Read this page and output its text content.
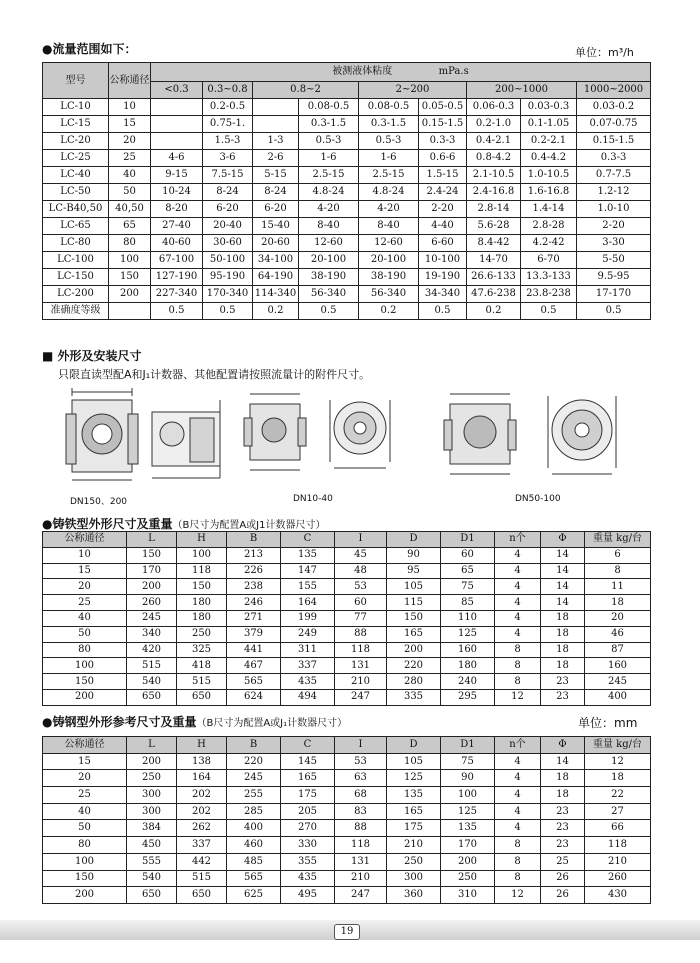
●流量范围如下：	单位：m³/h
型号	公称通径	被测液体粘度 mPa.s								
		<0.3	0.3~0.8	0.8~2		2~200		200~1000		1000~2000
LC-10	10		0.2-0.5		0.08-0.5	0.08-0.5	0.05-0.5	0.06-0.3	0.03-0.3	0.03-0.2
LC-15	15		0.75-1.		0.3-1.5	0.3-1.5	0.15-1.5	0.2-1.0	0.1-1.05	0.07-0.75
LC-20	20		1.5-3	1-3	0.5-3	0.5-3	0.3-3	0.4-2.1	0.2-2.1	0.15-1.5
LC-25	25	4-6	3-6	2-6	1-6	1-6	0.6-6	0.8-4.2	0.4-4.2	0.3-3
LC-40	40	9-15	7.5-15	5-15	2.5-15	2.5-15	1.5-15	2.1-10.5	1.0-10.5	0.7-7.5
LC-50	50	10-24	8-24	8-24	4.8-24	4.8-24	2.4-24	2.4-16.8	1.6-16.8	1.2-12
LC-B40,50	40,50	8-20	6-20	6-20	4-20	4-20	2-20	2.8-14	1.4-14	1.0-10
LC-65	65	27-40	20-40	15-40	8-40	8-40	4-40	5.6-28	2.8-28	2-20
LC-80	80	40-60	30-60	20-60	12-60	12-60	6-60	8.4-42	4.2-42	3-30
LC-100	100	67-100	50-100	34-100	20-100	20-100	10-100	14-70	6-70	5-50
LC-150	150	127-190	95-190	64-190	38-190	38-190	19-190	26.6-133	13.3-133	9.5-95
LC-200	200	227-340	170-340	114-340	56-340	56-340	34-340	47.6-238	23.8-238	17-170
准确度等级		0.5	0.5	0.2	0.5	0.2	0.5	0.2	0.5	0.5
■ 外形及安装尺寸
只限直读型配A和J₁计数器、其他配置请按照流量计的附件尺寸。
DN150、200	DN10-40	DN50-100
●铸铁型外形尺寸及重量（B尺寸为配置A或J1计数器尺寸）
公称通径	L	H	B	C	I	D	D1	n个	Φ	重量 kg/台
10	150	100	213	135	45	90	60	4	14	6
15	170	118	226	147	48	95	65	4	14	8
20	200	150	238	155	53	105	75	4	14	11
25	260	180	246	164	60	115	85	4	14	18
40	245	180	271	199	77	150	110	4	18	20
50	340	250	379	249	88	165	125	4	18	46
80	420	325	441	311	118	200	160	8	18	87
100	515	418	467	337	131	220	180	8	18	160
150	540	515	565	435	210	280	240	8	23	245
200	650	650	624	494	247	335	295	12	23	400
●铸钢型外形参考尺寸及重量（B尺寸为配置A或J₁计数器尺寸）	单位：mm
公称通径	L	H	B	C	I	D	D1	n个	Φ	重量 kg/台
15	200	138	220	145	53	105	75	4	14	12
20	250	164	245	165	63	125	90	4	18	18
25	300	202	255	175	68	135	100	4	18	22
40	300	202	285	205	83	165	125	4	23	27
50	384	262	400	270	88	175	135	4	23	66
80	450	337	460	330	118	210	170	8	23	118
100	555	442	485	355	131	250	200	8	25	210
150	540	515	565	435	210	300	250	8	26	260
200	650	650	625	495	247	360	310	12	26	430
19
